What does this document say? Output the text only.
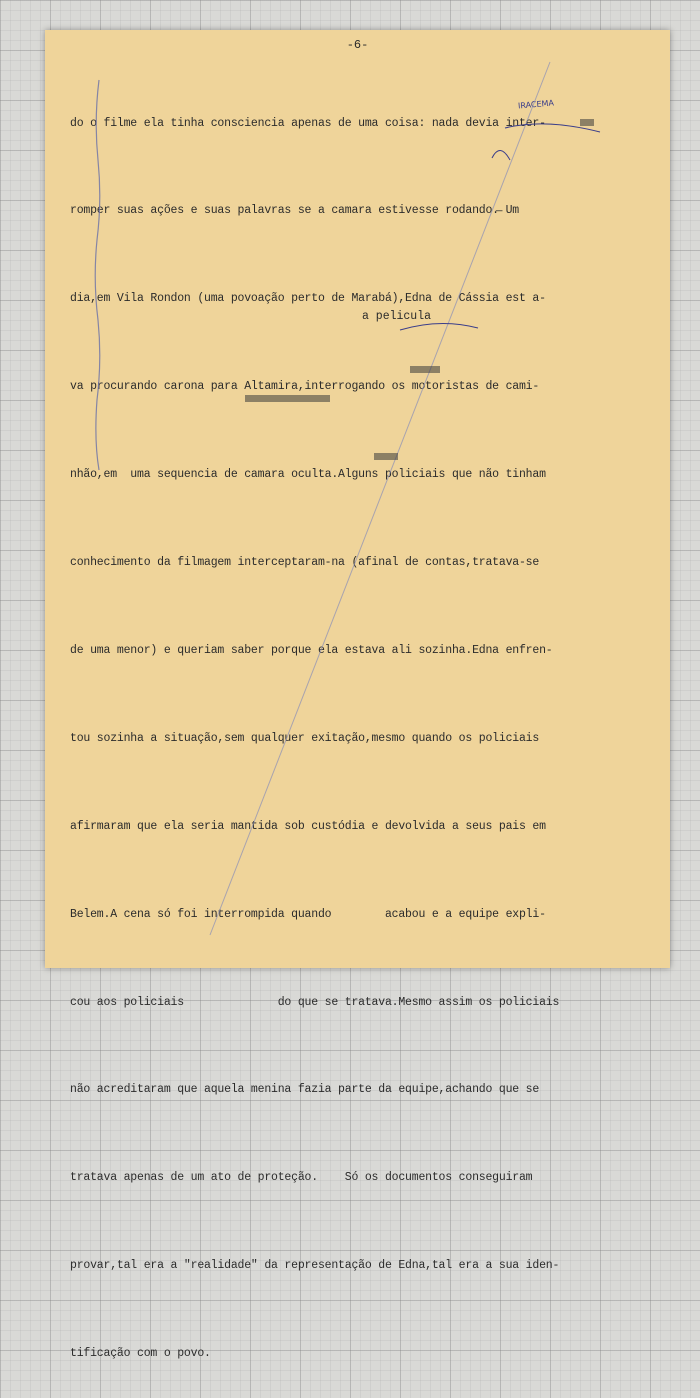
-6-

do o filme ela tinha consciencia apenas de uma coisa: nada devia inter-

romper suas ações e suas palavras se a camara estivesse rodando.̶ Um

dia,em Vila Rondon (uma povoação perto de Marabá),Edna de Cássia est a-

va procurando carona para Altamira,interrogando os motoristas de cami-

nhão,em  uma sequencia de camara oculta.Alguns policiais que não tinham

conhecimento da filmagem interceptaram-na (afinal de contas,tratava-se

de uma menor) e queriam saber porque ela estava ali sozinha.Edna enfren-

tou sozinha a situação,sem qualquer exitação,mesmo quando os policiais

afirmaram que ela seria mantida sob custódia e devolvida a seus pais em

Belem.A cena só foi interrompida quando        acabou e a equipe expli-

cou aos policiais              do que se tratava.Mesmo assim os policiais

não acreditaram que aquela menina fazia parte da equipe,achando que se

tratava apenas de um ato de proteção.    Só os documentos conseguiram

provar,tal era a "realidade" da representação de Edna,tal era a sua iden-

tificação com o povo.

a pelicula
IRACEMA
